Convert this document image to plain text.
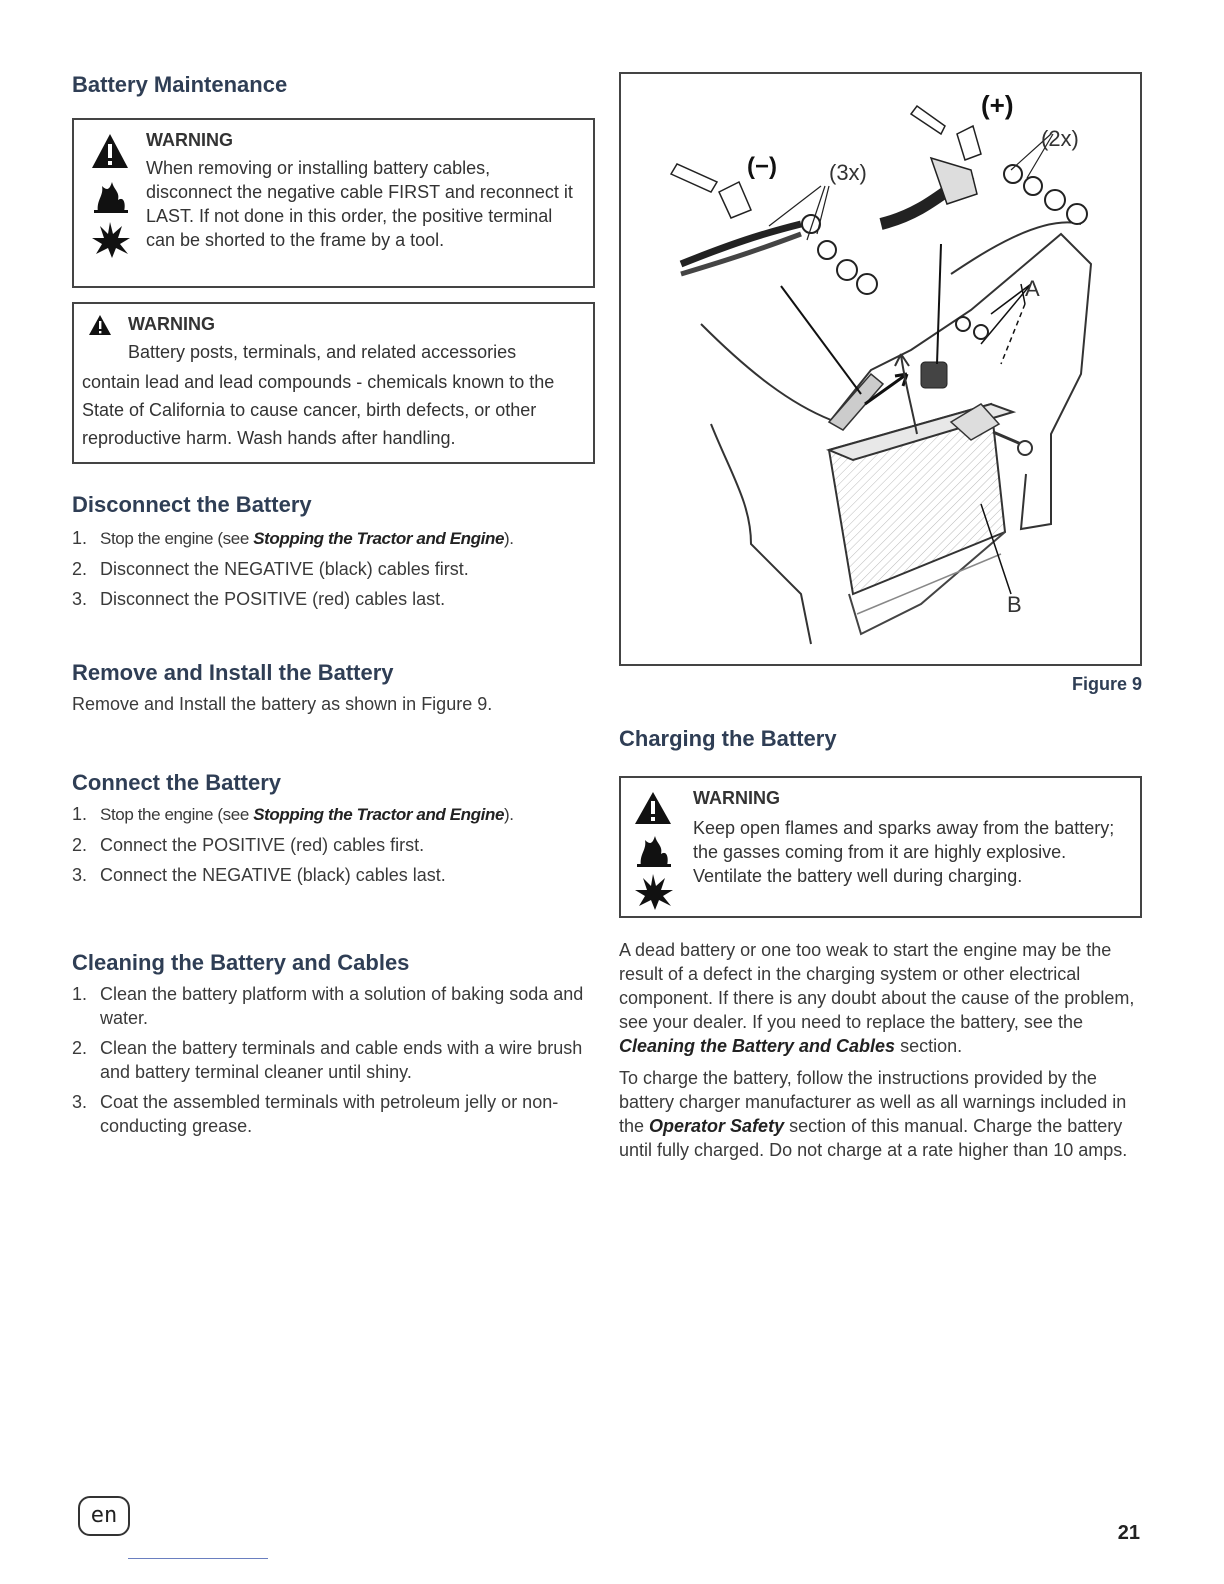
Battery Maintenance
WARNING
When removing or installing battery cables, disconnect the negative cable FIRST and reconnect it LAST. If not done in this order, the positive terminal can be shorted to the frame by a tool.
WARNING
Battery posts, terminals, and related accessories
contain lead and lead compounds - chemicals known to the State of California to cause cancer, birth defects, or other reproductive harm. Wash hands after handling.
Disconnect the Battery
1. Stop the engine (see Stopping the Tractor and Engine).
2. Disconnect the NEGATIVE (black) cables first.
3. Disconnect the POSITIVE (red) cables last.
Remove and Install the Battery
Remove and Install the battery as shown in Figure 9.
Connect the Battery
1. Stop the engine (see Stopping the Tractor and Engine).
2. Connect the POSITIVE (red) cables first.
3. Connect the NEGATIVE (black) cables last.
Cleaning the Battery and Cables
1. Clean the battery platform with a solution of baking soda and water.
2. Clean the battery terminals and cable ends with a wire brush and battery terminal cleaner until shiny.
3. Coat the assembled terminals with petroleum jelly or non-conducting grease.
(+)
(−) (3x)
(2x)
A
B
Figure 9
Charging the Battery
WARNING
Keep open flames and sparks away from the battery; the gasses coming from it are highly explosive. Ventilate the battery well during charging.
A dead battery or one too weak to start the engine may be the result of a defect in the charging system or other electrical component. If there is any doubt about the cause of the problem, see your dealer. If you need to replace the battery, see the Cleaning the Battery and Cables section.
To charge the battery, follow the instructions provided by the battery charger manufacturer as well as all warnings included in the Operator Safety section of this manual. Charge the battery until fully charged. Do not charge at a rate higher than 10 amps.
en
21
